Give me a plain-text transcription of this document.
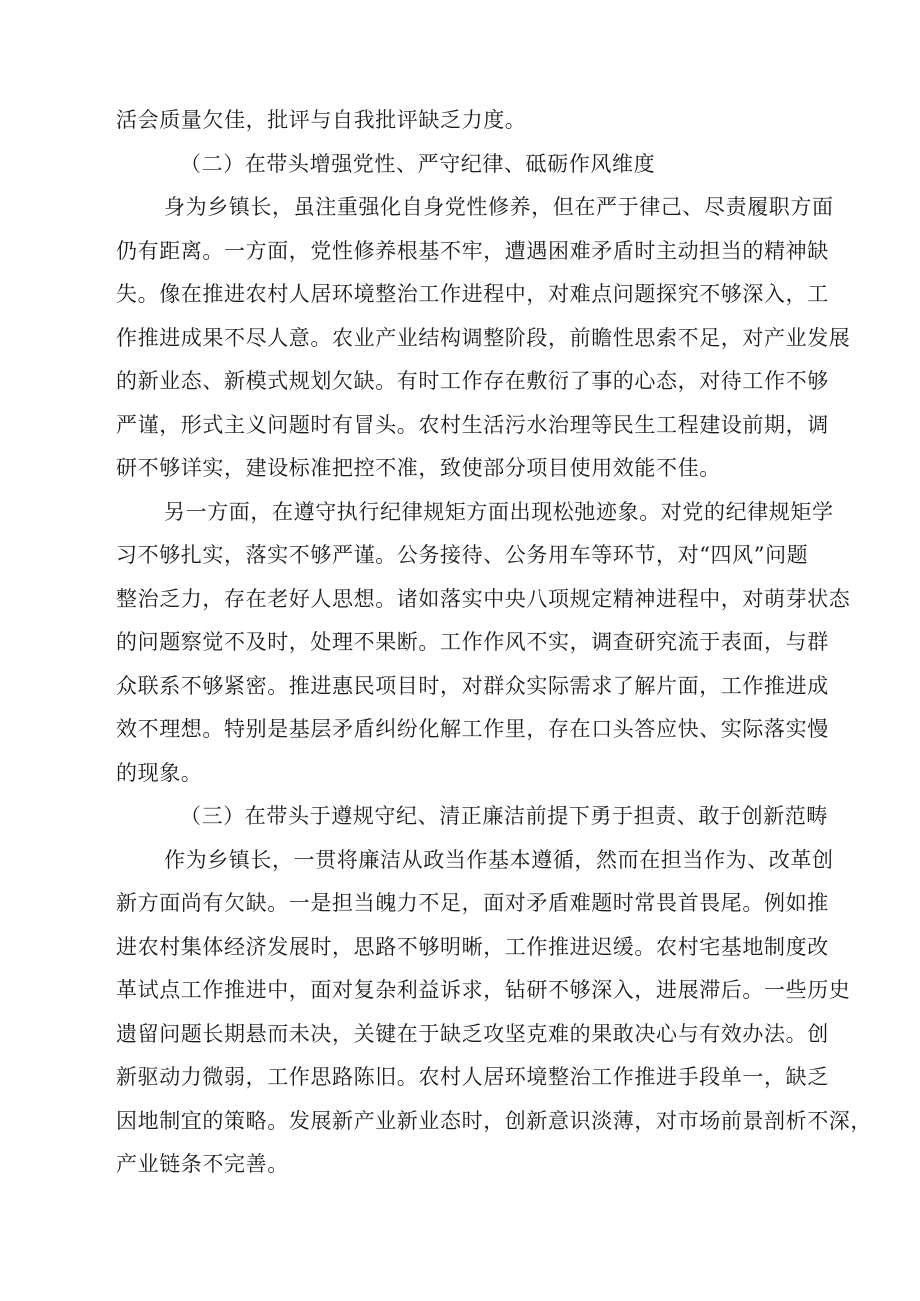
活会质量欠佳，批评与自我批评缺乏力度。
（二）在带头增强党性、严守纪律、砥砺作风维度
身为乡镇长，虽注重强化自身党性修养，但在严于律己、尽责履职方面
仍有距离。一方面，党性修养根基不牢，遭遇困难矛盾时主动担当的精神缺
失。像在推进农村人居环境整治工作进程中，对难点问题探究不够深入，工
作推进成果不尽人意。农业产业结构调整阶段，前瞻性思索不足，对产业发展
的新业态、新模式规划欠缺。有时工作存在敷衍了事的心态，对待工作不够
严谨，形式主义问题时有冒头。农村生活污水治理等民生工程建设前期，调
研不够详实，建设标准把控不准，致使部分项目使用效能不佳。
另一方面，在遵守执行纪律规矩方面出现松弛迹象。对党的纪律规矩学
习不够扎实，落实不够严谨。公务接待、公务用车等环节，对“四风”问题
整治乏力，存在老好人思想。诸如落实中央八项规定精神进程中，对萌芽状态
的问题察觉不及时，处理不果断。工作作风不实，调查研究流于表面，与群
众联系不够紧密。推进惠民项目时，对群众实际需求了解片面，工作推进成
效不理想。特别是基层矛盾纠纷化解工作里，存在口头答应快、实际落实慢
的现象。
（三）在带头于遵规守纪、清正廉洁前提下勇于担责、敢于创新范畴
作为乡镇长，一贯将廉洁从政当作基本遵循，然而在担当作为、改革创
新方面尚有欠缺。一是担当魄力不足，面对矛盾难题时常畏首畏尾。例如推
进农村集体经济发展时，思路不够明晰，工作推进迟缓。农村宅基地制度改
革试点工作推进中，面对复杂利益诉求，钻研不够深入，进展滞后。一些历史
遗留问题长期悬而未决，关键在于缺乏攻坚克难的果敢决心与有效办法。创
新驱动力微弱，工作思路陈旧。农村人居环境整治工作推进手段单一，缺乏
因地制宜的策略。发展新产业新业态时，创新意识淡薄，对市场前景剖析不深，
产业链条不完善。
